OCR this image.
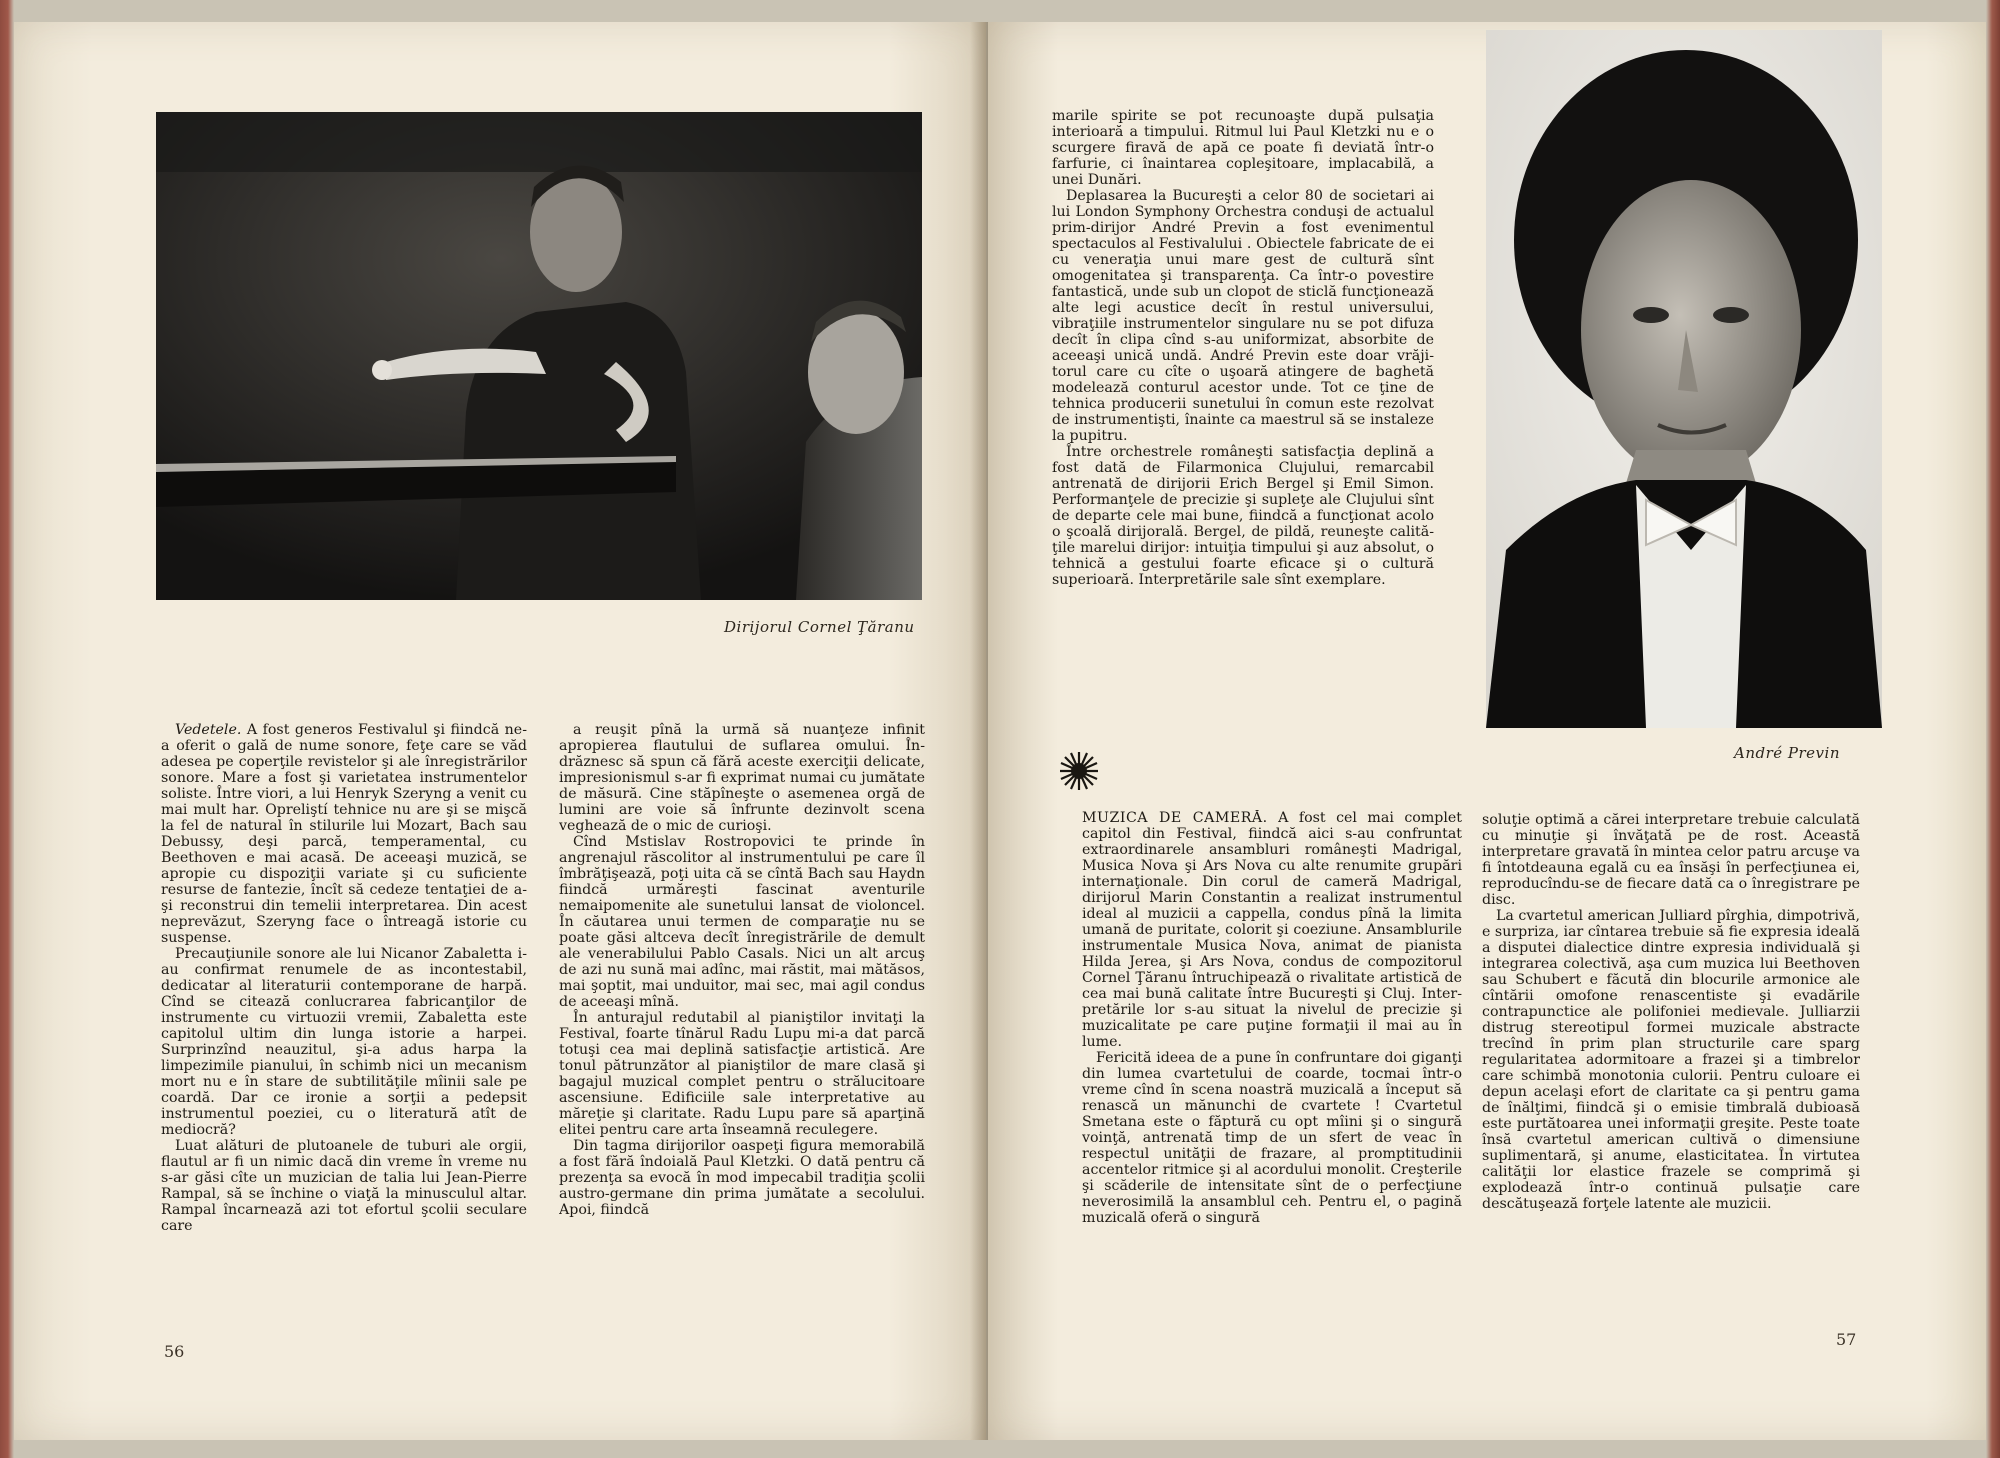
Dirijorul Cornel Ţăranu

Vedetele. A fost generos Festivalul şi fiindcă ne-a oferit o gală de nume sonore, feţe care se văd adesea pe coperţile revistelor şi ale înregistrărilor sonore. Mare a fost şi varietatea instrumentelor soliste. Între viori, a lui Henryk Szeryng a venit cu mai mult har. Opreliştí tehnice nu are şi se mişcă la fel de natural în stilurile lui Mozart, Bach sau Debussy, deşi parcă, temperamental, cu Beethoven e mai acasă. De aceeaşi muzică, se apropie cu dispoziţii variate şi cu suficiente resurse de fantezie, încît să cedeze tentaţiei de a-şi reconstrui din temelii interpretarea. Din acest neprevăzut, Szeryng face o întreagă istorie cu suspense.

Precauţiunile sonore ale lui Nicanor Zabaletta i-au confirmat renumele de as incontestabil, dedicatar al literaturii contemporane de harpă. Cînd se citează conlucrarea fabricanţilor de instrumente cu virtuozii vremii, Zabaletta este capitolul ultim din lunga istorie a harpei. Surprinzînd neauzitul, şi-a adus harpa la limpezimile pianului, în schimb nici un mecanism mort nu e în stare de subtilităţile mîinii sale pe coardă. Dar ce ironie a sorţii a pedepsit instrumentul poeziei, cu o literatură atît de mediocră?

Luat alături de plutoanele de tuburi ale orgii, flautul ar fi un nimic dacă din vreme în vreme nu s-ar găsi cîte un muzician de talia lui Jean-Pierre Rampal, să se închine o viaţă la minusculul altar. Rampal încarnează azi tot efortul şcolii seculare care

a reuşit pînă la urmă să nuanţeze infinit apropierea flautului de suflarea omului. Îndrăznesc să spun că fără aceste exerciţii delicate, impresionismul s-ar fi exprimat numai cu jumătate de măsură. Cine stăpîneşte o asemenea orgă de lumini are voie să înfrunte dezinvolt scena veghează de o mic de curioşi.

Cînd Mstislav Rostropovici te prinde în angrenajul răscolitor al instrumentului pe care îl îmbrăţişează, poţi uita că se cîntă Bach sau Haydn fiindcă urmăreşti fascinat aventurile nemaipomenite ale sunetului lansat de violoncel. În căutarea unui termen de comparaţie nu se poate găsi altceva decît înregistrările de demult ale venerabilului Pablo Casals. Nici un alt arcuş de azi nu sună mai adînc, mai răstit, mai mătăsos, mai şoptit, mai unduitor, mai sec, mai agil condus de aceeaşi mînă.

În anturajul redutabil al pianiştilor invitaţi la Festival, foarte tînărul Radu Lupu mi-a dat parcă totuşi cea mai deplină satisfacţie artistică. Are tonul pătrunzător al pianiştilor de mare clasă şi bagajul muzical complet pentru o strălucitoare ascensiune. Edificiile sale interpretative au măreţie şi claritate. Radu Lupu pare să aparţină elitei pentru care arta înseamnă reculegere.

Din tagma dirijorilor oaspeţi figura memorabilă a fost fără îndoială Paul Kletzki. O dată pentru că prezenţa sa evocă în mod impecabil tradiţia şcolii austro-germane din prima jumătate a secolului. Apoi, fiindcă

56

marile spirite se pot recunoaşte după pulsaţia interioară a timpului. Ritmul lui Paul Kletzki nu e o scurgere firavă de apă ce poate fi deviată într-o farfurie, ci înaintarea copleşitoare, implacabilă, a unei Dunări.

Deplasarea la Bucureşti a celor 80 de societari ai lui London Symphony Orchestra conduşi de actualul prim-dirijor André Previn a fost evenimentul spectaculos al Festivalului . Obiectele fabricate de ei cu veneraţia unui mare gest de cultură sînt omogenitatea şi transparenţa. Ca într-o povestire fantastică, unde sub un clopot de sticlă funcţionează alte legi acustice decît în restul universului, vibraţiile instrumentelor singulare nu se pot difuza decît în clipa cînd s-au uniformizat, absorbite de aceeaşi unică undă. André Previn este doar vrăjitorul care cu cîte o uşoară atingere de baghetă modelează conturul acestor unde. Tot ce ţine de tehnica producerii sunetului în comun este rezolvat de instrumentişti, înainte ca maestrul să se instaleze la pupitru.

Între orchestrele româneşti satisfacţia deplină a fost dată de Filarmonica Clujului, remarcabil antrenată de dirijorii Erich Bergel şi Emil Simon. Performanţele de precizie şi supleţe ale Clujului sînt de departe cele mai bune, fiindcă a funcţionat acolo o şcoală dirijorală. Bergel, de pildă, reuneşte calităţile marelui dirijor: intuiţia timpului şi auz absolut, o tehnică a gestului foarte eficace şi o cultură superioară. Interpretările sale sînt exemplare.

André Previn

MUZICA DE CAMERĂ. A fost cel mai complet capitol din Festival, fiindcă aici s-au confruntat extraordinarele ansambluri româneşti Madrigal, Musica Nova şi Ars Nova cu alte renumite grupări internaţionale. Din corul de cameră Madrigal, dirijorul Marin Constantin a realizat instrumentul ideal al muzicii a cappella, condus pînă la limita umană de puritate, colorit şi coeziune. Ansamblurile instrumentale Musica Nova, animat de pianista Hilda Jerea, şi Ars Nova, condus de compozitorul Cornel Ţăranu întruchipează o rivalitate artistică de cea mai bună calitate între Bucureşti şi Cluj. Interpretările lor s-au situat la nivelul de precizie şi muzicalitate pe care puţine formaţii il mai au în lume.

Fericită ideea de a pune în confruntare doi giganţi din lumea cvartetului de coarde, tocmai într-o vreme cînd în scena noastră muzicală a început să renască un mănunchi de cvartete ! Cvartetul Smetana este o făptură cu opt mîini şi o singură voinţă, antrenată timp de un sfert de veac în respectul unităţii de frazare, al promptitudinii accentelor ritmice şi al acordului monolit. Creşterile şi scăderile de intensitate sînt de o perfecţiune neverosimilă la ansamblul ceh. Pentru el, o pagină muzicală oferă o singură

soluţie optimă a cărei interpretare trebuie calculată cu minuţie şi învăţată pe de rost. Această interpretare gravată în mintea celor patru arcuşe va fi întotdeauna egală cu ea însăşi în perfecţiunea ei, reproducîndu-se de fiecare dată ca o înregistrare pe disc.

La cvartetul american Julliard pîrghia, dimpotrivă, e surpriza, iar cîntarea trebuie să fie expresia ideală a disputei dialectice dintre expresia individuală şi integrarea colectivă, aşa cum muzica lui Beethoven sau Schubert e făcută din blocurile armonice ale cîntării omofone renascentiste şi evadările contrapunctice ale polifoniei medievale. Julliarzii distrug stereotipul formei muzicale abstracte trecînd în prim plan structurile care sparg regularitatea adormitoare a frazei şi a timbrelor care schimbă monotonia culorii. Pentru culoare ei depun acelaşi efort de claritate ca şi pentru gama de înălţimi, fiindcă şi o emisie timbrală dubioasă este purtătoarea unei informaţii greşite. Peste toate însă cvartetul american cultivă o dimensiune suplimentară, şi anume, elasticitatea. În virtutea calităţii lor elastice frazele se comprimă şi explodează într-o continuă pulsaţie care descătuşează forţele latente ale muzicii.

57
